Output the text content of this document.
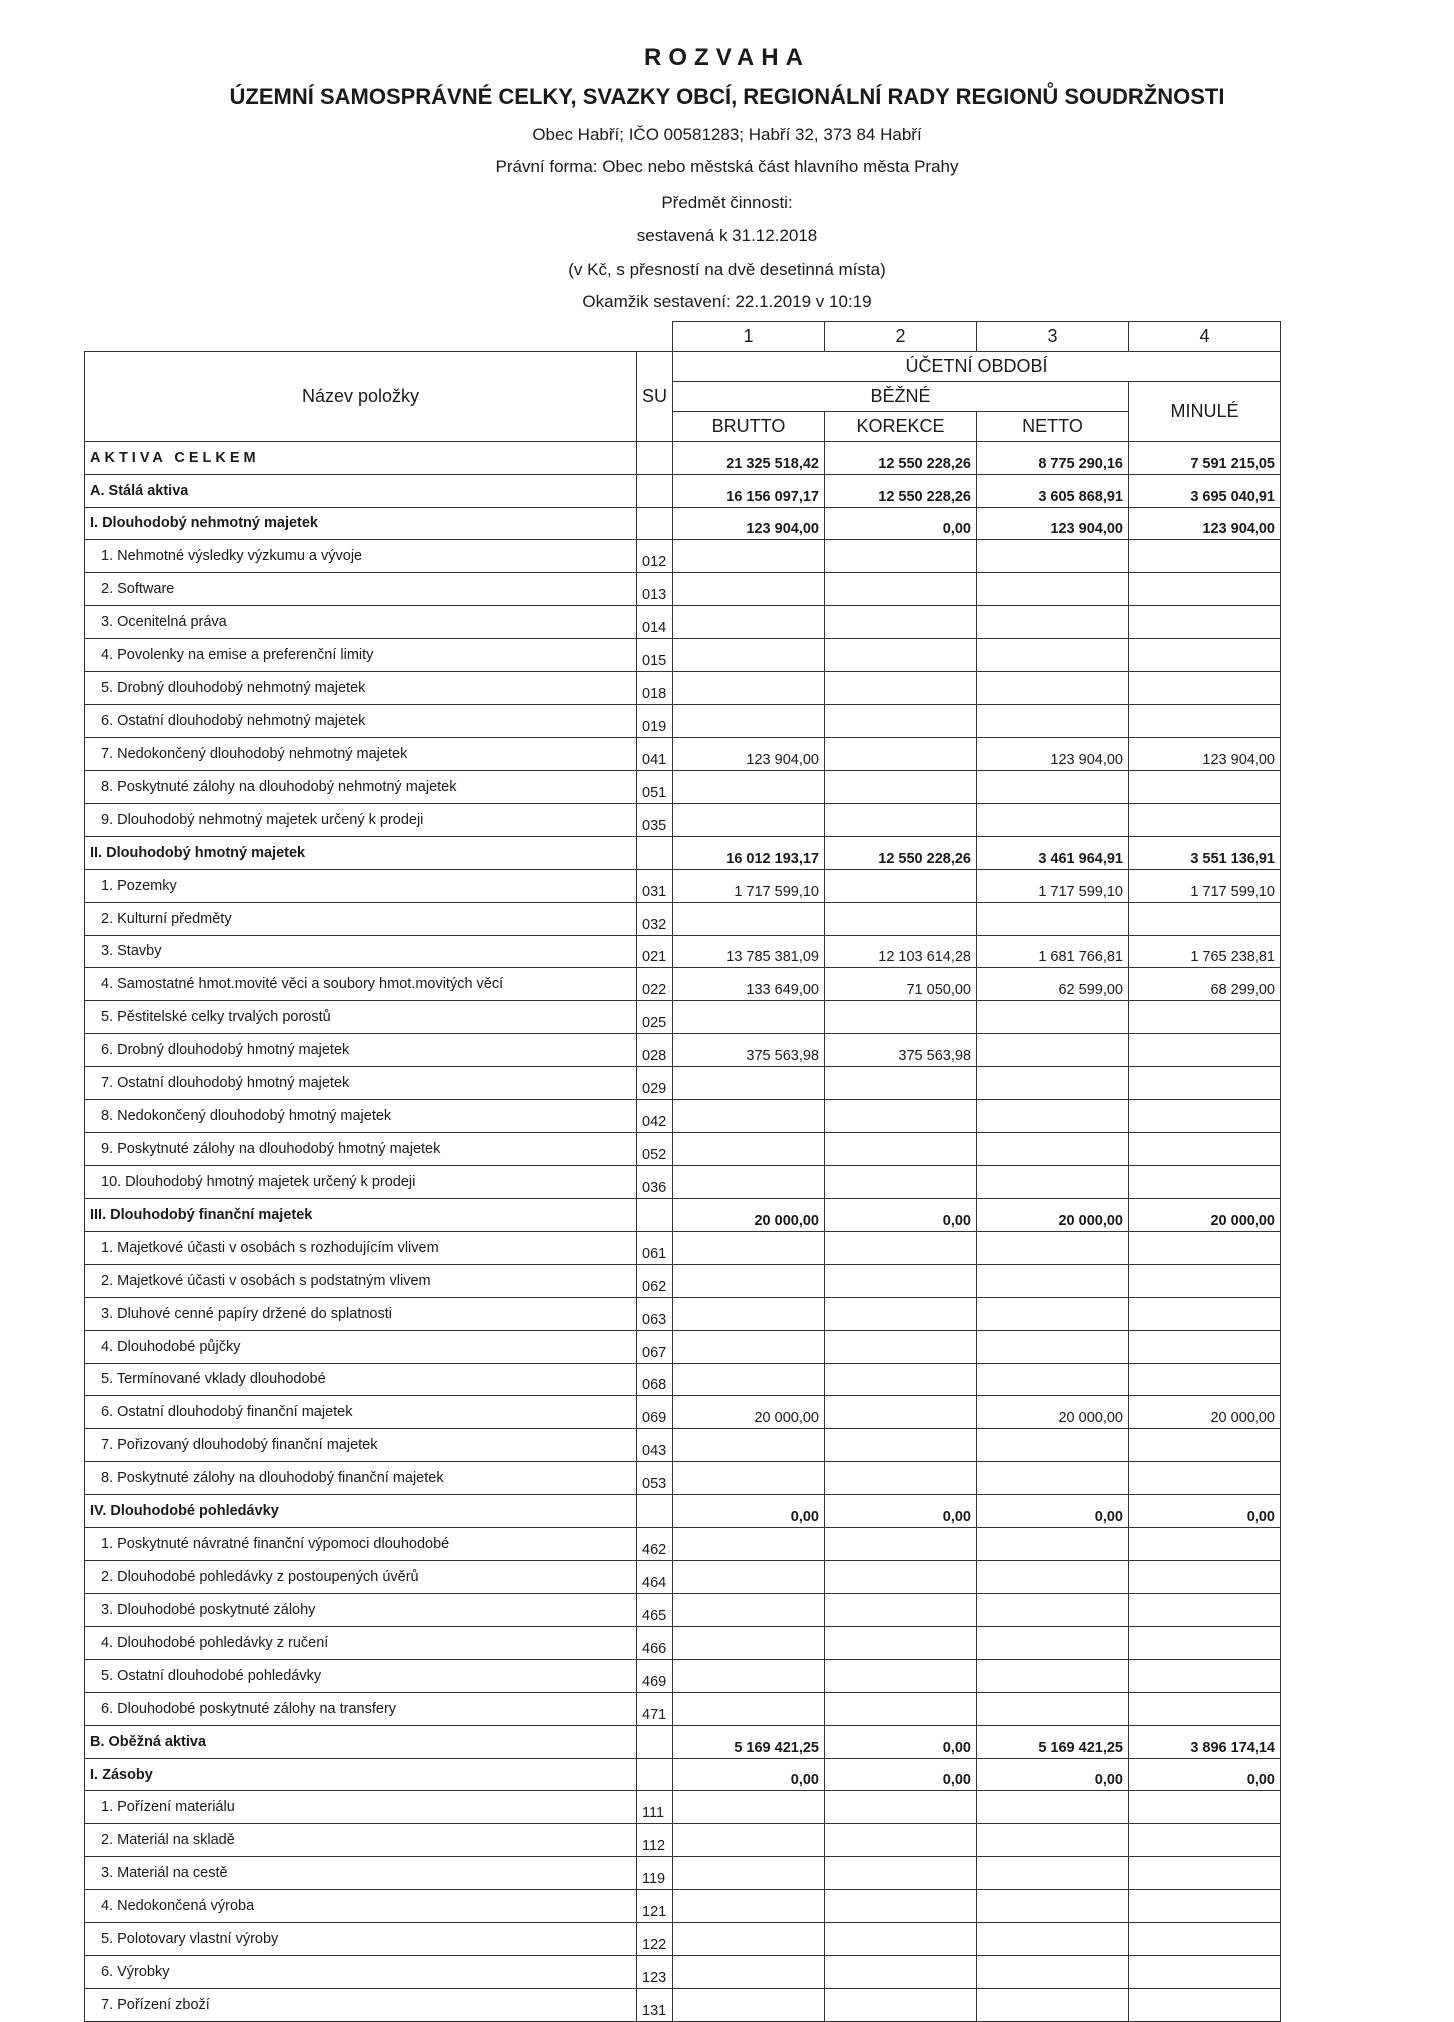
ROZVAHA
ÚZEMNÍ SAMOSPRÁVNÉ CELKY, SVAZKY OBCÍ, REGIONÁLNÍ RADY REGIONŮ SOUDRŽNOSTI
Obec Habří; IČO 00581283; Habří 32, 373 84 Habří
Právní forma: Obec nebo městská část hlavního města Prahy
Předmět činnosti:
sestavená k 31.12.2018
(v Kč, s přesností na dvě desetinná místa)
Okamžik sestavení: 22.1.2019 v 10:19
		1	2	3	4
Název položky	SU	ÚČETNÍ OBDOBÍ			
		BĚŽNÉ			MINULÉ
		BRUTTO	KOREKCE	NETTO	
AKTIVA CELKEM		21 325 518,42	12 550 228,26	8 775 290,16	7 591 215,05
A. Stálá aktiva		16 156 097,17	12 550 228,26	3 605 868,91	3 695 040,91
I. Dlouhodobý nehmotný majetek		123 904,00	0,00	123 904,00	123 904,00
1. Nehmotné výsledky výzkumu a vývoje	012				
2. Software	013				
3. Ocenitelná práva	014				
4. Povolenky na emise a preferenční limity	015				
5. Drobný dlouhodobý nehmotný majetek	018				
6. Ostatní dlouhodobý nehmotný majetek	019				
7. Nedokončený dlouhodobý nehmotný majetek	041	123 904,00		123 904,00	123 904,00
8. Poskytnuté zálohy na dlouhodobý nehmotný majetek	051				
9. Dlouhodobý nehmotný majetek určený k prodeji	035				
II. Dlouhodobý hmotný majetek		16 012 193,17	12 550 228,26	3 461 964,91	3 551 136,91
1. Pozemky	031	1 717 599,10		1 717 599,10	1 717 599,10
2. Kulturní předměty	032				
3. Stavby	021	13 785 381,09	12 103 614,28	1 681 766,81	1 765 238,81
4. Samostatné hmot.movité věci a soubory hmot.movitých věcí	022	133 649,00	71 050,00	62 599,00	68 299,00
5. Pěstitelské celky trvalých porostů	025				
6. Drobný dlouhodobý hmotný majetek	028	375 563,98	375 563,98		
7. Ostatní dlouhodobý hmotný majetek	029				
8. Nedokončený dlouhodobý hmotný majetek	042				
9. Poskytnuté zálohy na dlouhodobý hmotný majetek	052				
10. Dlouhodobý hmotný majetek určený k prodeji	036				
III. Dlouhodobý finanční majetek		20 000,00	0,00	20 000,00	20 000,00
1. Majetkové účasti v osobách s rozhodujícím vlivem	061				
2. Majetkové účasti v osobách s podstatným vlivem	062				
3. Dluhové cenné papíry držené do splatnosti	063				
4. Dlouhodobé půjčky	067				
5. Termínované vklady dlouhodobé	068				
6. Ostatní dlouhodobý finanční majetek	069	20 000,00		20 000,00	20 000,00
7. Pořizovaný dlouhodobý finanční majetek	043				
8. Poskytnuté zálohy na dlouhodobý finanční majetek	053				
IV. Dlouhodobé pohledávky		0,00	0,00	0,00	0,00
1. Poskytnuté návratné finanční výpomoci dlouhodobé	462				
2. Dlouhodobé pohledávky z postoupených úvěrů	464				
3. Dlouhodobé poskytnuté zálohy	465				
4. Dlouhodobé pohledávky z ručení	466				
5. Ostatní dlouhodobé pohledávky	469				
6. Dlouhodobé poskytnuté zálohy na transfery	471				
B. Oběžná aktiva		5 169 421,25	0,00	5 169 421,25	3 896 174,14
I. Zásoby		0,00	0,00	0,00	0,00
1. Pořízení materiálu	111				
2. Materiál na skladě	112				
3. Materiál na cestě	119				
4. Nedokončená výroba	121				
5. Polotovary vlastní výroby	122				
6. Výrobky	123				
7. Pořízení zboží	131				
